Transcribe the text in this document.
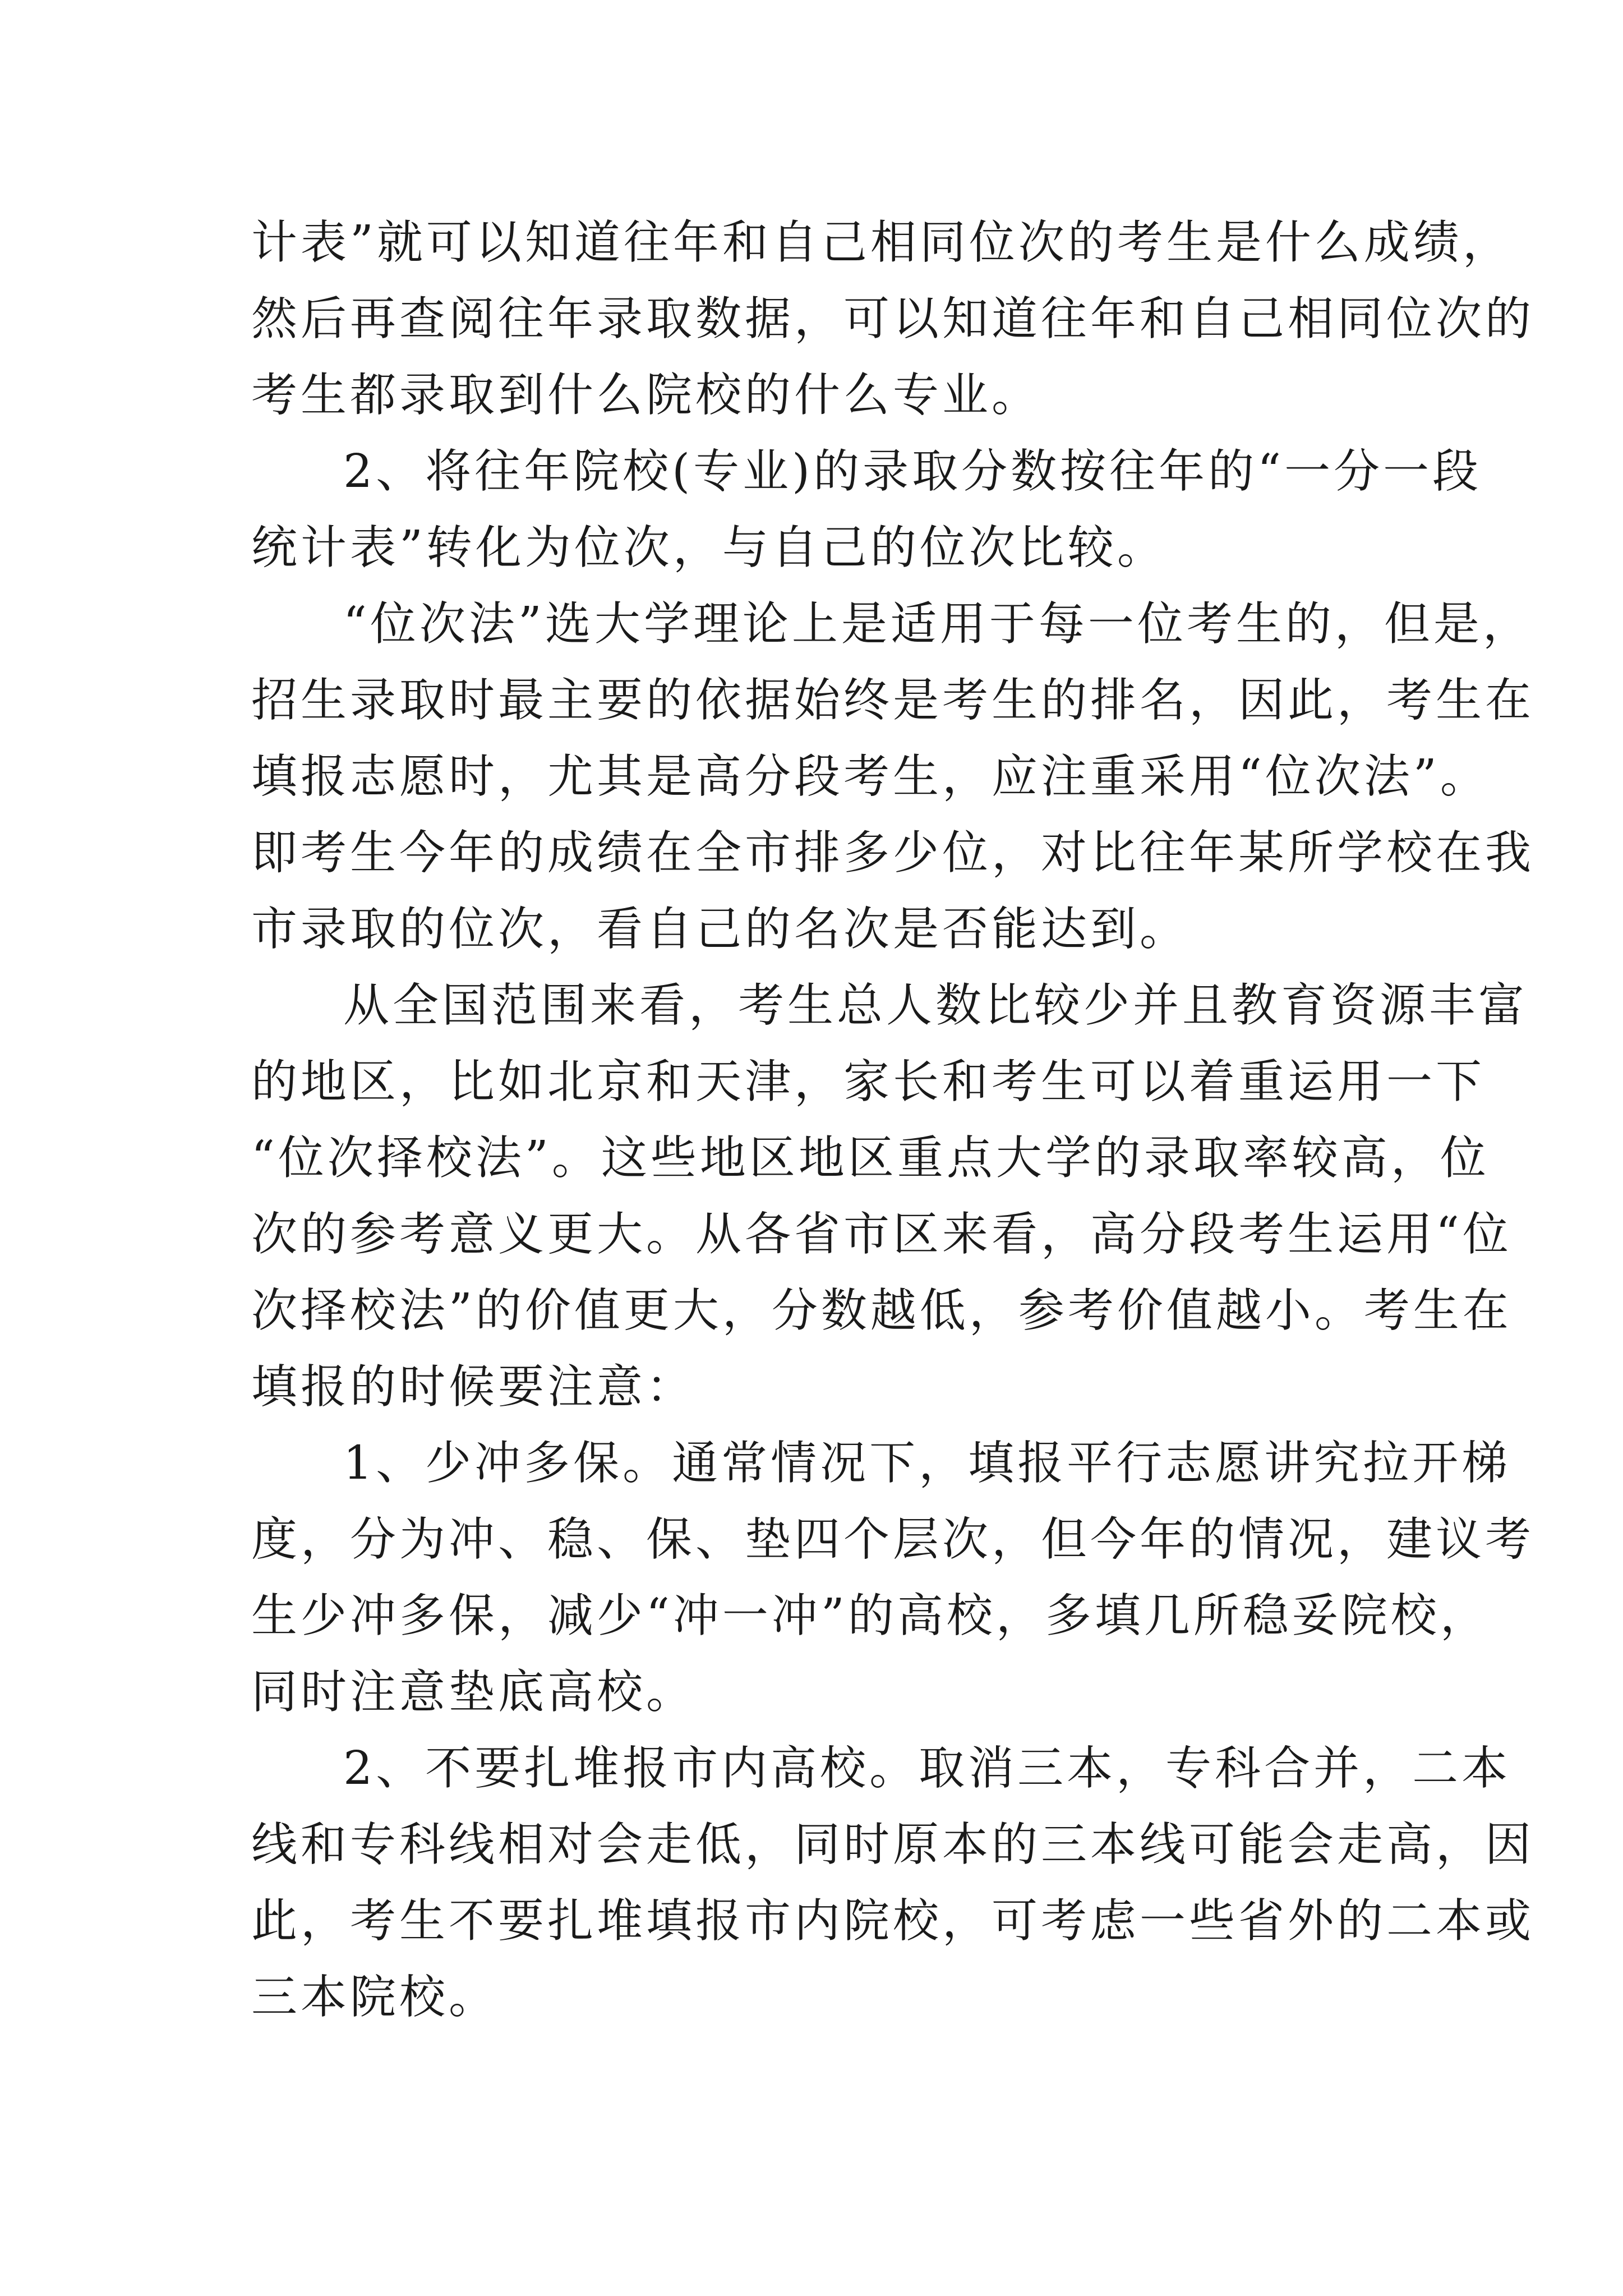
计表”就可以知道往年和自己相同位次的考生是什么成绩，
然后再查阅往年录取数据，可以知道往年和自己相同位次的
考生都录取到什么院校的什么专业。
2、将往年院校(专业)的录取分数按往年的“一分一段
统计表”转化为位次，与自己的位次比较。
“位次法”选大学理论上是适用于每一位考生的，但是，
招生录取时最主要的依据始终是考生的排名，因此，考生在
填报志愿时，尤其是高分段考生，应注重采用“位次法”。
即考生今年的成绩在全市排多少位，对比往年某所学校在我
市录取的位次，看自己的名次是否能达到。
从全国范围来看，考生总人数比较少并且教育资源丰富
的地区，比如北京和天津，家长和考生可以着重运用一下
“位次择校法”。这些地区地区重点大学的录取率较高，位
次的参考意义更大。从各省市区来看，高分段考生运用“位
次择校法”的价值更大，分数越低，参考价值越小。考生在
填报的时候要注意：
1、少冲多保。通常情况下，填报平行志愿讲究拉开梯
度，分为冲、稳、保、垫四个层次，但今年的情况，建议考
生少冲多保，减少“冲一冲”的高校，多填几所稳妥院校，
同时注意垫底高校。
2、不要扎堆报市内高校。取消三本，专科合并，二本
线和专科线相对会走低，同时原本的三本线可能会走高，因
此，考生不要扎堆填报市内院校，可考虑一些省外的二本或
三本院校。
